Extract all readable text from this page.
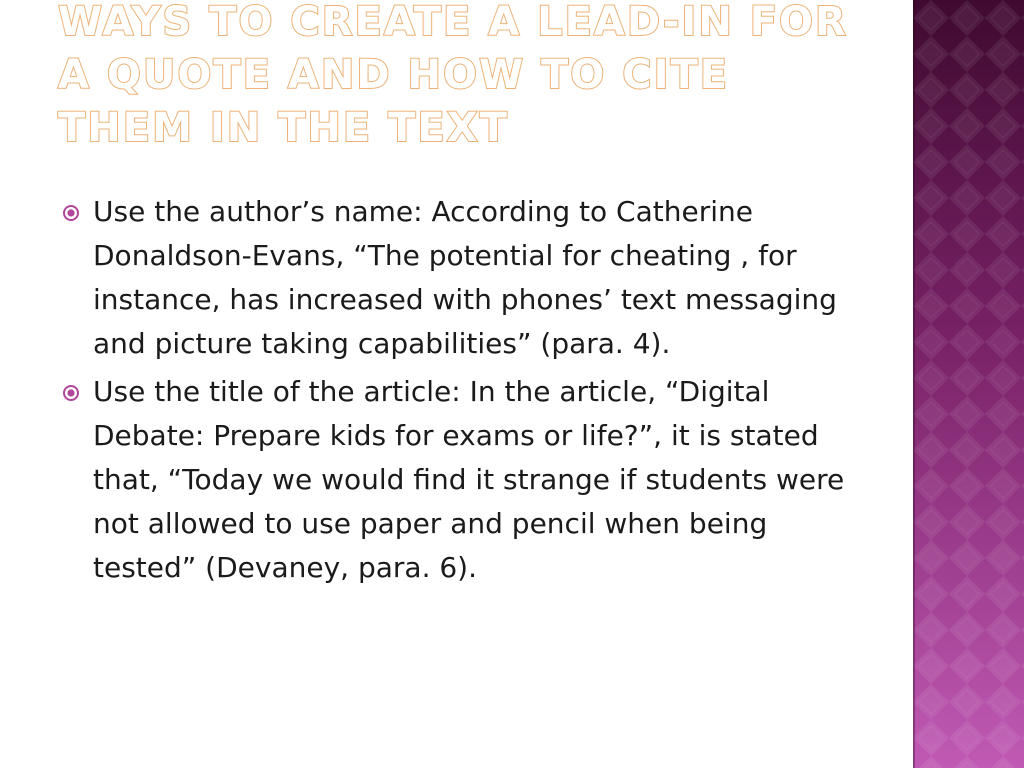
WAYS TO CREATE A LEAD-IN FOR A QUOTE AND HOW TO CITE THEM IN THE TEXT
Use the author’s name: According to Catherine Donaldson-Evans, “The potential for cheating , for instance, has increased with phones’ text messaging and picture taking capabilities” (para. 4).
Use the title of the article: In the article, “Digital Debate: Prepare kids for exams or life?”, it is stated that, “Today we would find it strange if students were not allowed to use paper and pencil when being tested” (Devaney, para. 6).
